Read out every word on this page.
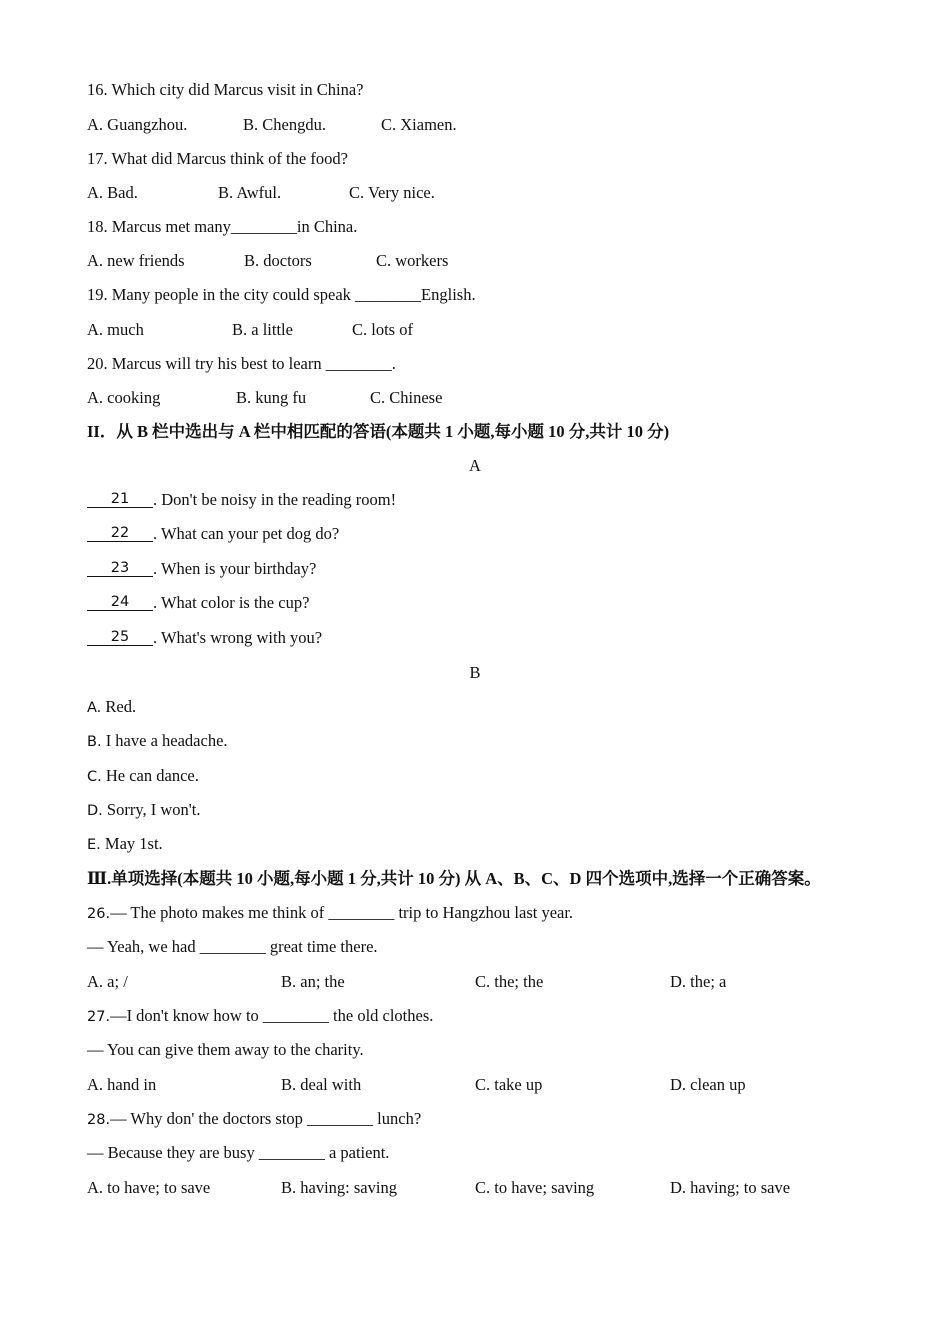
16. Which city did Marcus visit in China?
A. Guangzhou.	B. Chengdu.	C. Xiamen.
17. What did Marcus think of the food?
A. Bad.	B. Awful.	C. Very nice.
18. Marcus met many________in China.
A. new friends	B. doctors	C. workers
19. Many people in the city could speak ________English.
A. much	B. a little	C. lots of
20. Marcus will try his best to learn ________.
A. cooking	B. kung fu	C. Chinese
II．从 B 栏中选出与 A 栏中相匹配的答语(本题共 1 小题,每小题 10 分,共计 10 分)
A
21 . Don't be noisy in the reading room!
22 . What can your pet dog do?
23 . When is your birthday?
24 . What color is the cup?
25 . What's wrong with you?
B
A. Red.
B. I have a headache.
C. He can dance.
D. Sorry, I won't.
E. May 1st.
Ⅲ.单项选择(本题共 10 小题,每小题 1 分,共计 10 分) 从 A、B、C、D 四个选项中,选择一个正确答案。
26.— The photo makes me think of ________ trip to Hangzhou last year.
— Yeah, we had ________ great time there.
A. a; /	B. an; the	C. the; the	D. the; a
27.—I don't know how to ________ the old clothes.
— You can give them away to the charity.
A. hand in	B. deal with	C. take up	D. clean up
28.— Why don' the doctors stop ________ lunch?
— Because they are busy ________ a patient.
A. to have; to save	B. having: saving	C. to have; saving	D. having; to save
